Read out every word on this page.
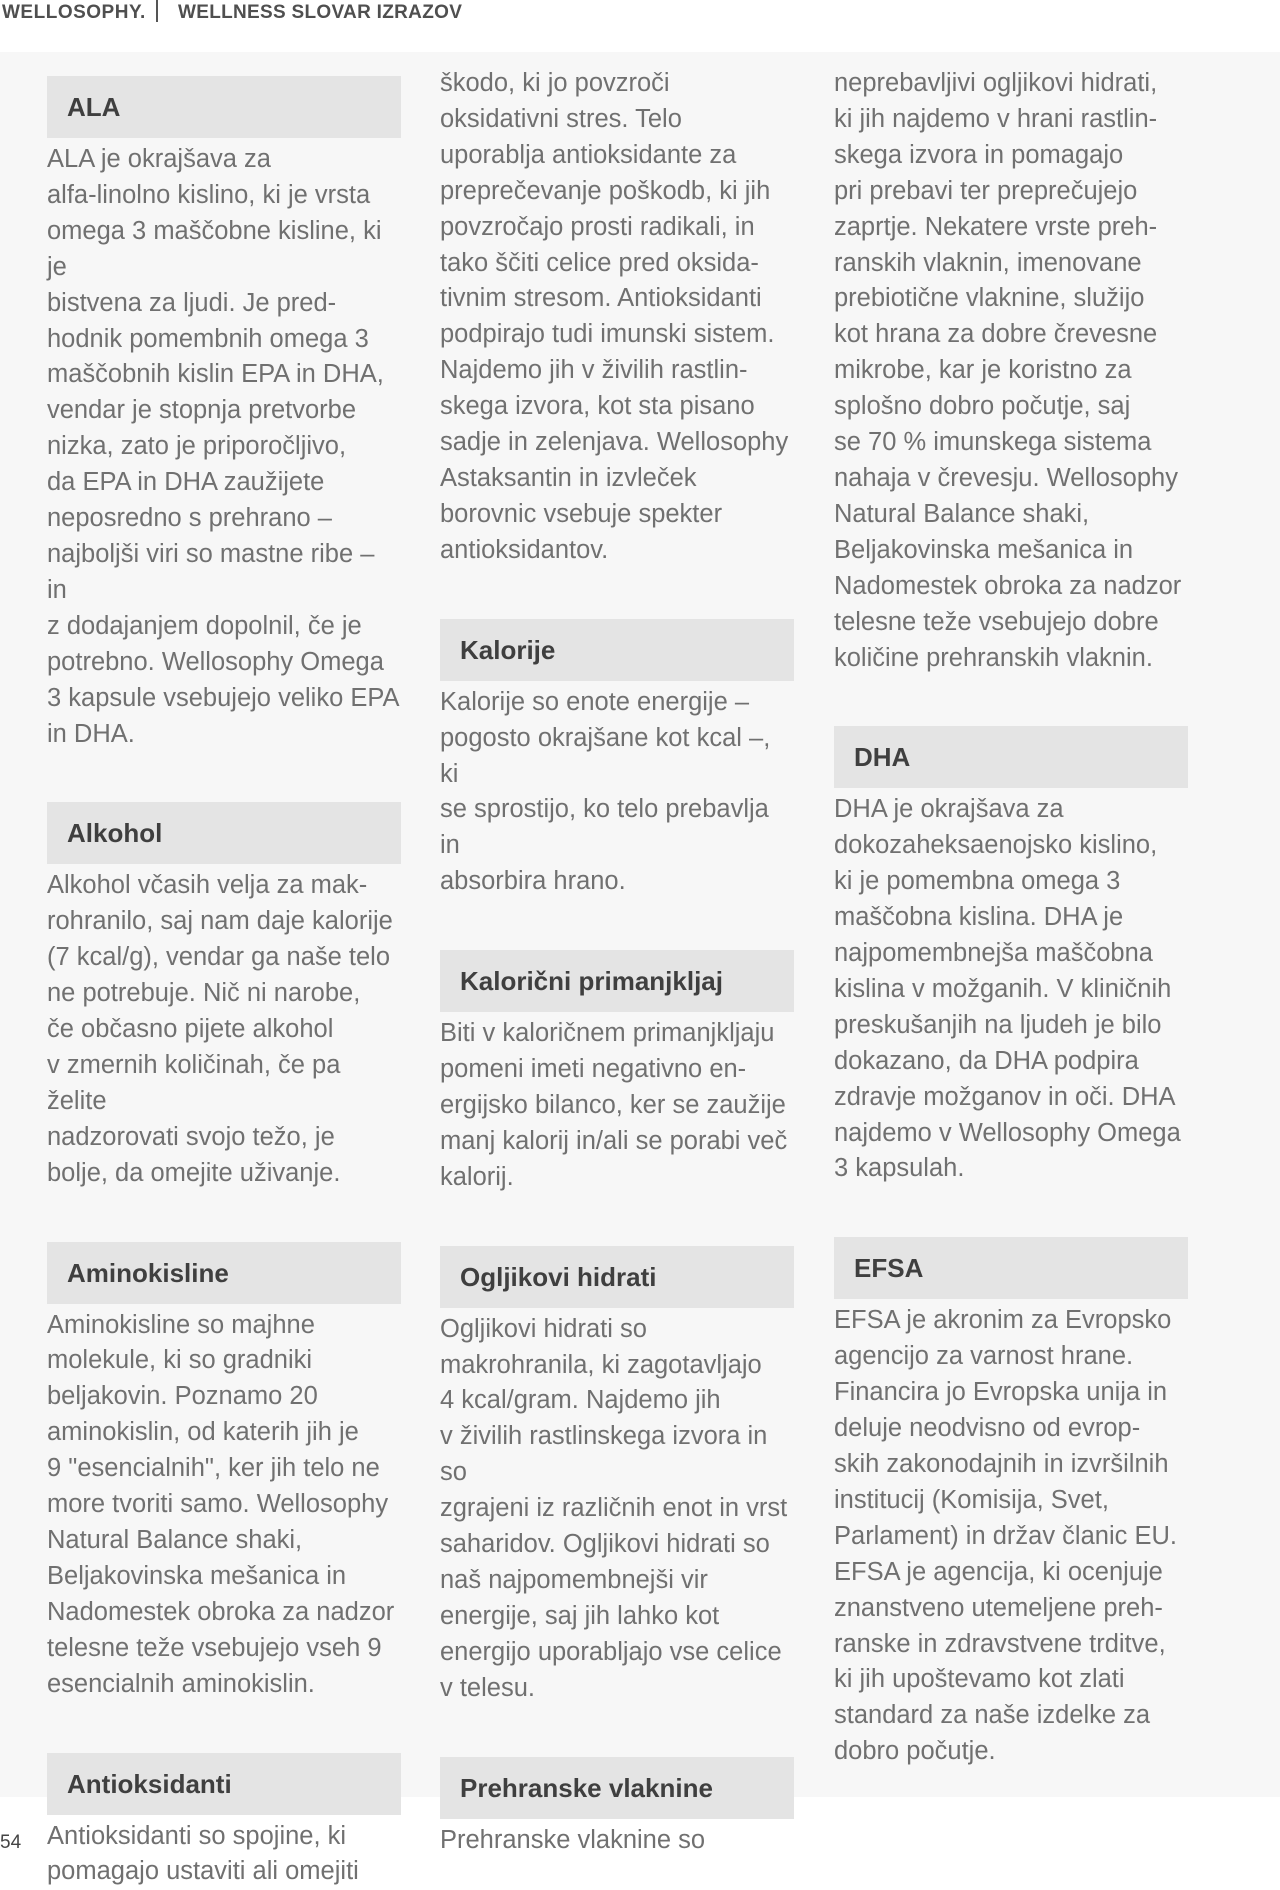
WELLOSOPHY. WELLNESS SLOVAR IZRAZOV
ALA
ALA je okrajšava za
alfa-linolno kislino, ki je vrsta
omega 3 maščobne kisline, ki je
bistvena za ljudi. Je pred-
hodnik pomembnih omega 3
maščobnih kislin EPA in DHA,
vendar je stopnja pretvorbe
nizka, zato je priporočljivo,
da EPA in DHA zaužijete
neposredno s prehrano –
najboljši viri so mastne ribe – in
z dodajanjem dopolnil, če je
potrebno. Wellosophy Omega
3 kapsule vsebujejo veliko EPA
in DHA.
Alkohol
Alkohol včasih velja za mak-
rohranilo, saj nam daje kalorije
(7 kcal/g), vendar ga naše telo
ne potrebuje. Nič ni narobe,
če občasno pijete alkohol
v zmernih količinah, če pa želite
nadzorovati svojo težo, je
bolje, da omejite uživanje.
Aminokisline
Aminokisline so majhne
molekule, ki so gradniki
beljakovin. Poznamo 20
aminokislin, od katerih jih je
9 "esencialnih", ker jih telo ne
more tvoriti samo. Wellosophy
Natural Balance shaki,
Beljakovinska mešanica in
Nadomestek obroka za nadzor
telesne teže vsebujejo vseh 9
esencialnih aminokislin.
Antioksidanti
Antioksidanti so spojine, ki
pomagajo ustaviti ali omejiti
škodo, ki jo povzroči
oksidativni stres. Telo
uporablja antioksidante za
preprečevanje poškodb, ki jih
povzročajo prosti radikali, in
tako ščiti celice pred oksida-
tivnim stresom. Antioksidanti
podpirajo tudi imunski sistem.
Najdemo jih v živilih rastlin-
skega izvora, kot sta pisano
sadje in zelenjava. Wellosophy
Astaksantin in izvleček
borovnic vsebuje spekter
antioksidantov.
Kalorije
Kalorije so enote energije –
pogosto okrajšane kot kcal –, ki
se sprostijo, ko telo prebavlja in
absorbira hrano.
Kalorični primanjkljaj
Biti v kaloričnem primanjkljaju
pomeni imeti negativno en-
ergijsko bilanco, ker se zaužije
manj kalorij in/ali se porabi več
kalorij.
Ogljikovi hidrati
Ogljikovi hidrati so
makrohranila, ki zagotavljajo
4 kcal/gram. Najdemo jih
v živilih rastlinskega izvora in so
zgrajeni iz različnih enot in vrst
saharidov. Ogljikovi hidrati so
naš najpomembnejši vir
energije, saj jih lahko kot
energijo uporabljajo vse celice
v telesu.
Prehranske vlaknine
Prehranske vlaknine so
neprebavljivi ogljikovi hidrati,
ki jih najdemo v hrani rastlin-
skega izvora in pomagajo
pri prebavi ter preprečujejo
zaprtje. Nekatere vrste preh-
ranskih vlaknin, imenovane
prebiotične vlaknine, služijo
kot hrana za dobre črevesne
mikrobe, kar je koristno za
splošno dobro počutje, saj
se 70 % imunskega sistema
nahaja v črevesju. Wellosophy
Natural Balance shaki,
Beljakovinska mešanica in
Nadomestek obroka za nadzor
telesne teže vsebujejo dobre
količine prehranskih vlaknin.
DHA
DHA je okrajšava za
dokozaheksaenojsko kislino,
ki je pomembna omega 3
maščobna kislina. DHA je
najpomembnejša maščobna
kislina v možganih. V kliničnih
preskušanjih na ljudeh je bilo
dokazano, da DHA podpira
zdravje možganov in oči. DHA
najdemo v Wellosophy Omega
3 kapsulah.
EFSA
EFSA je akronim za Evropsko
agencijo za varnost hrane.
Financira jo Evropska unija in
deluje neodvisno od evrop-
skih zakonodajnih in izvršilnih
institucij (Komisija, Svet,
Parlament) in držav članic EU.
EFSA je agencija, ki ocenjuje
znanstveno utemeljene preh-
ranske in zdravstvene trditve,
ki jih upoštevamo kot zlati
standard za naše izdelke za
dobro počutje.
54
